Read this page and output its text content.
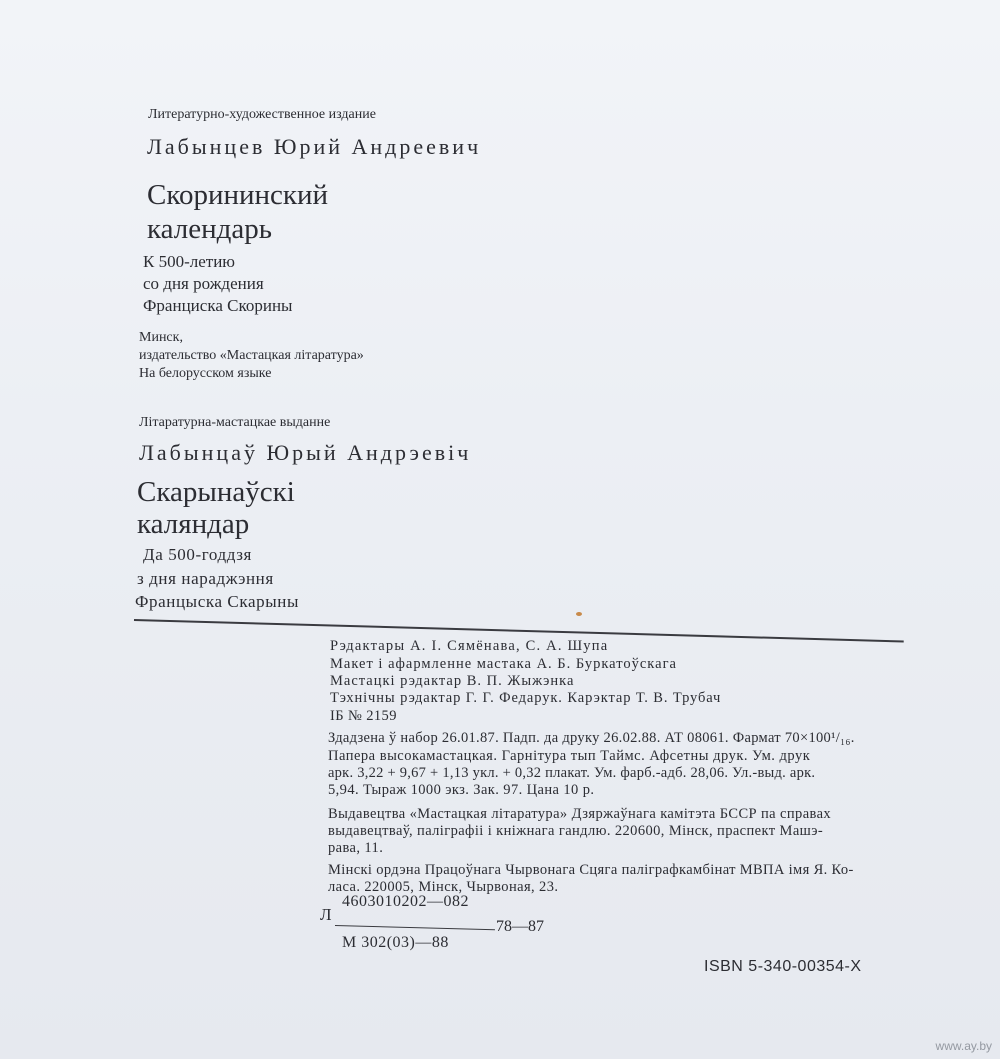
Литературно-художественное издание
Лабынцев Юрий Андреевич
Скорининский
календарь
К 500-летию
со дня рождения
Франциска Скорины
Минск,
издательство «Мастацкая літаратура»
На белорусском языке
Літаратурна-мастацкае выданне
Лабынцаў Юрый Андрэевіч
Скарынаўскі
каляндар
Да 500-годдзя
з дня нараджэння
Францыска Скарыны
Рэдактары А. І. Сямёнава, С. А. Шупа
Макет і афармленне мастака А. Б. Буркатоўскага
Мастацкі рэдактар В. П. Жыжэнка
Тэхнічны рэдактар Г. Г. Федарук. Карэктар Т. В. Трубач
ІБ № 2159
Здадзена ў набор 26.01.87. Падп. да друку 26.02.88. АТ 08061. Фармат 70×100¹/₁₆.
Папера высокамастацкая. Гарнітура тып Таймс. Афсетны друк. Ум. друк
арк. 3,22 + 9,67 + 1,13 укл. + 0,32 плакат. Ум. фарб.-адб. 28,06. Ул.-выд. арк.
5,94. Тыраж 1000 экз. Зак. 97. Цана 10 р.
Выдавецтва «Мастацкая літаратура» Дзяржаўнага камітэта БССР па справах
выдавецтваў, паліграфіі і кніжнага гандлю. 220600, Мінск, праспект Машэ-
рава, 11.
Мінскі ордэна Працоўнага Чырвонага Сцяга паліграфкамбінат МВПА імя Я. Ко-
ласа. 220005, Мінск, Чырвоная, 23.
Л
4603010202—082
М 302(03)—88
78—87
ISBN 5-340-00354-X
www.ay.by
